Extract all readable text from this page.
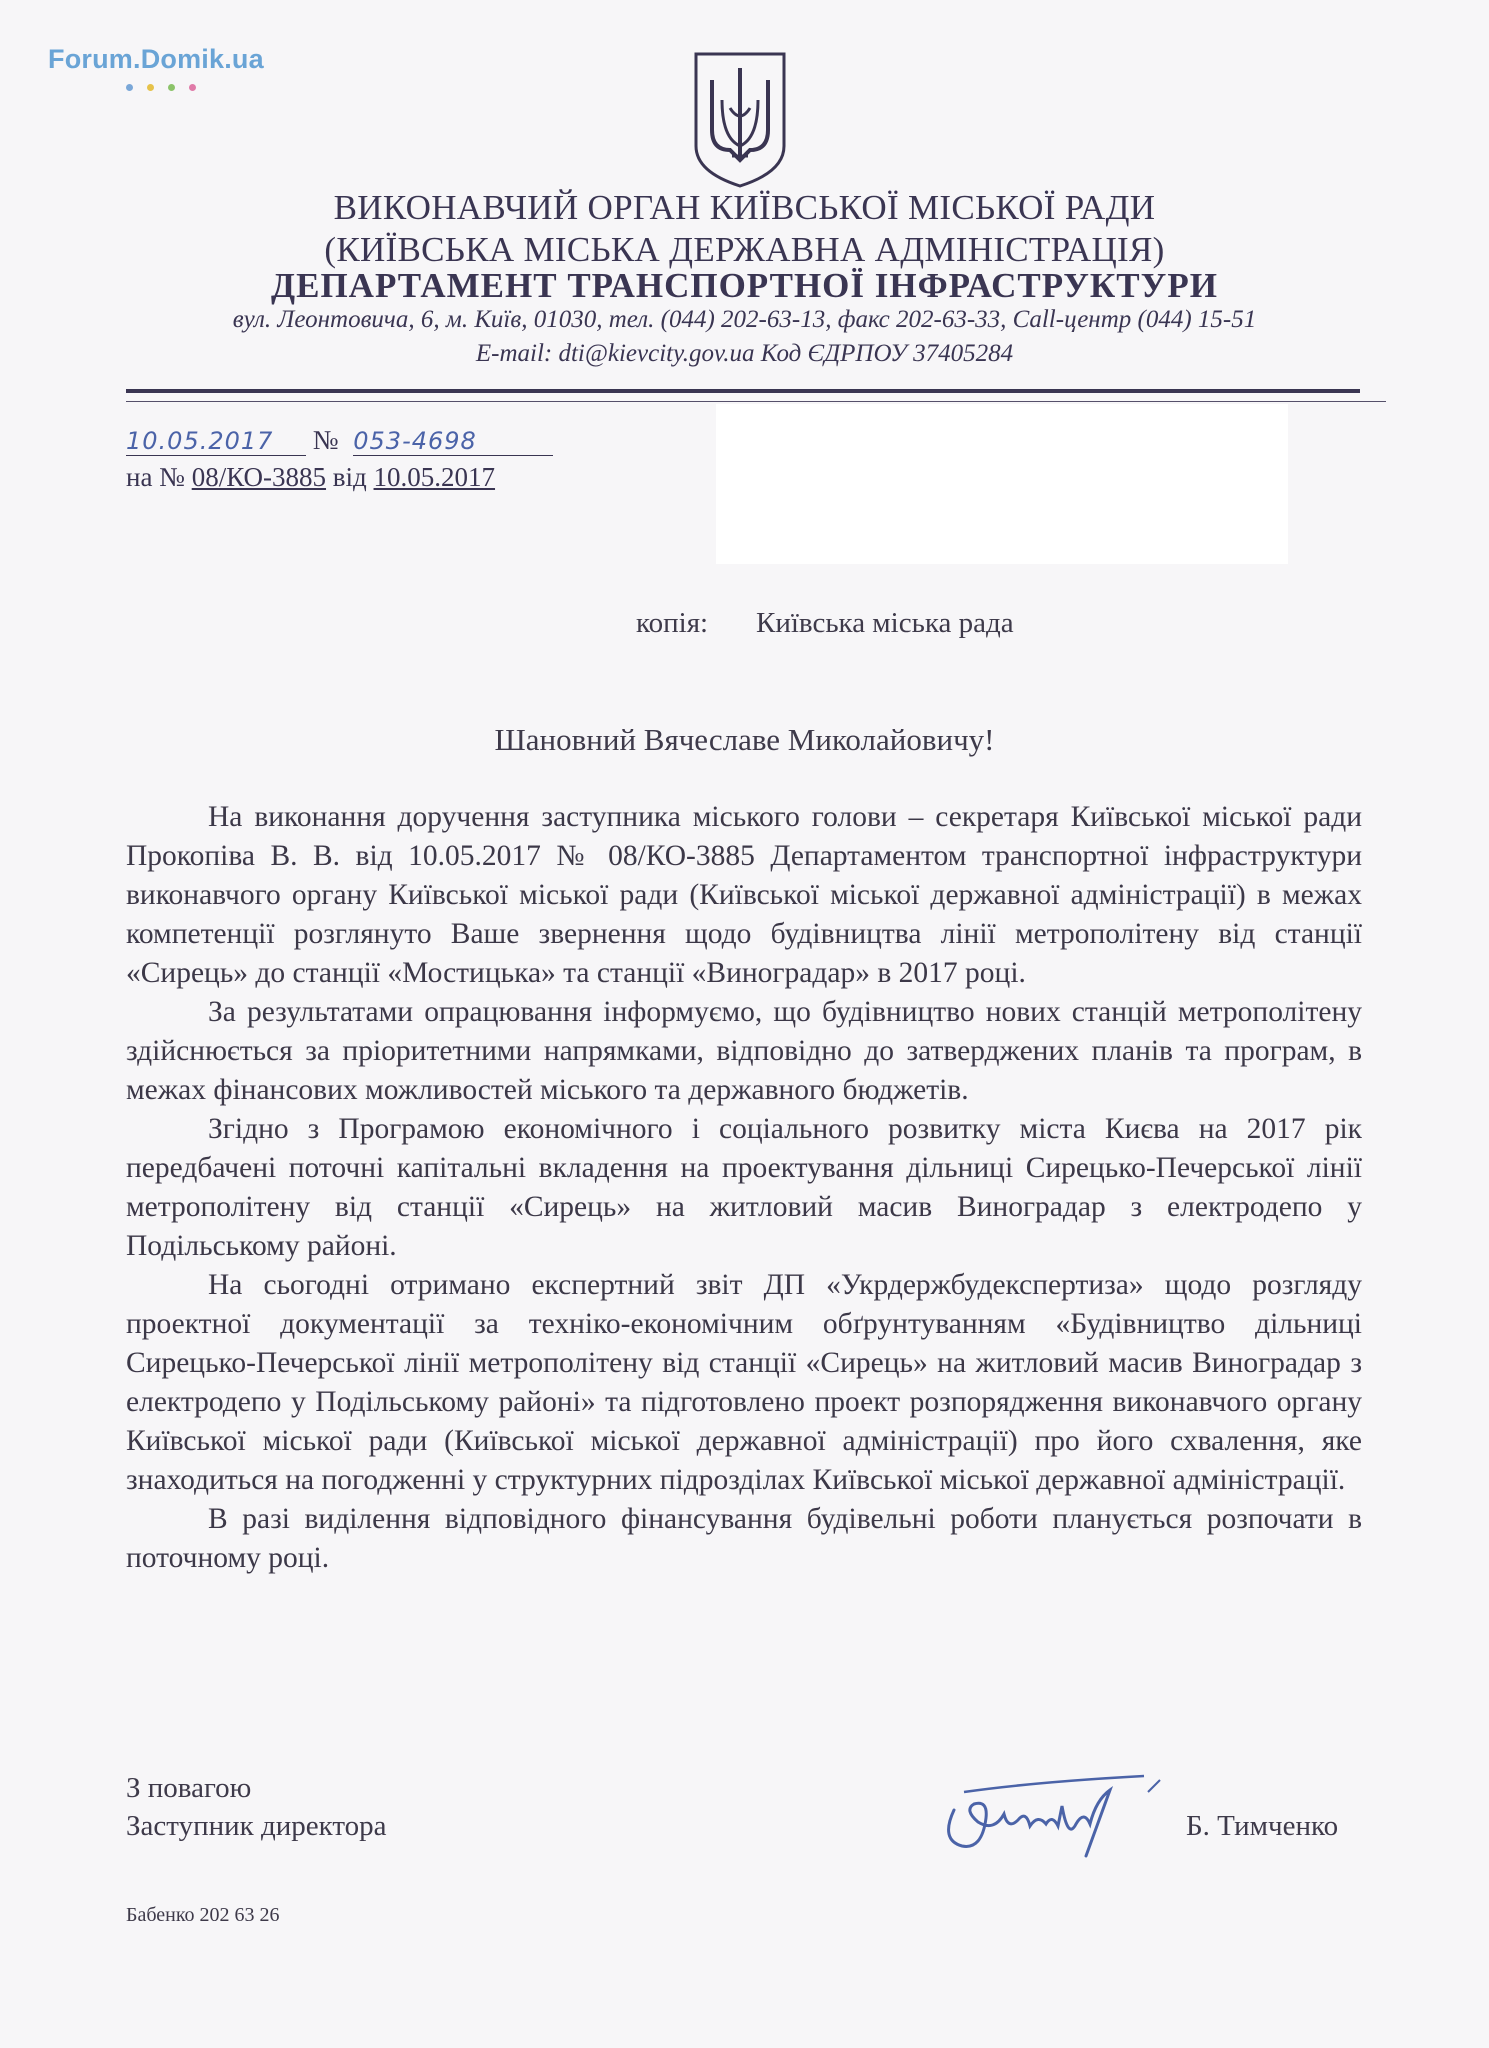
Forum.Domik.ua
ВИКОНАВЧИЙ ОРГАН КИЇВСЬКОЇ МІСЬКОЇ РАДИ
(КИЇВСЬКА МІСЬКА ДЕРЖАВНА АДМІНІСТРАЦІЯ)
ДЕПАРТАМЕНТ ТРАНСПОРТНОЇ ІНФРАСТРУКТУРИ
вул. Леонтовича, 6, м. Київ, 01030, тел. (044) 202-63-13, факс 202-63-33, Call-центр (044) 15-51
E-mail: dti@kievcity.gov.ua Код ЄДРПОУ 37405284
10.05.2017 № 053-4698
на № 08/КО-3885 від 10.05.2017
копія: Київська міська рада
Шановний Вячеславе Миколайовичу!

На виконання доручення заступника міського голови – секретаря Київської міської ради Прокопіва В. В. від 10.05.2017 № 08/КО-3885 Департаментом транспортної інфраструктури виконавчого органу Київської міської ради (Київської міської державної адміністрації) в межах компетенції розглянуто Ваше звернення щодо будівництва лінії метрополітену від станції «Сирець» до станції «Мостицька» та станції «Виноградар» в 2017 році.

За результатами опрацювання інформуємо, що будівництво нових станцій метрополітену здійснюється за пріоритетними напрямками, відповідно до затверджених планів та програм, в межах фінансових можливостей міського та державного бюджетів.

Згідно з Програмою економічного і соціального розвитку міста Києва на 2017 рік передбачені поточні капітальні вкладення на проектування дільниці Сирецько-Печерської лінії метрополітену від станції «Сирець» на житловий масив Виноградар з електродепо у Подільському районі.

На сьогодні отримано експертний звіт ДП «Укрдержбудекспертиза» щодо розгляду проектної документації за техніко-економічним обґрунтуванням «Будівництво дільниці Сирецько-Печерської лінії метрополітену від станції «Сирець» на житловий масив Виноградар з електродепо у Подільському районі» та підготовлено проект розпорядження виконавчого органу Київської міської ради (Київської міської державної адміністрації) про його схвалення, яке знаходиться на погодженні у структурних підрозділах Київської міської державної адміністрації.

В разі виділення відповідного фінансування будівельні роботи планується розпочати в поточному році.

З повагою
Заступник директора	Б. Тимченко
Бабенко 202 63 26
